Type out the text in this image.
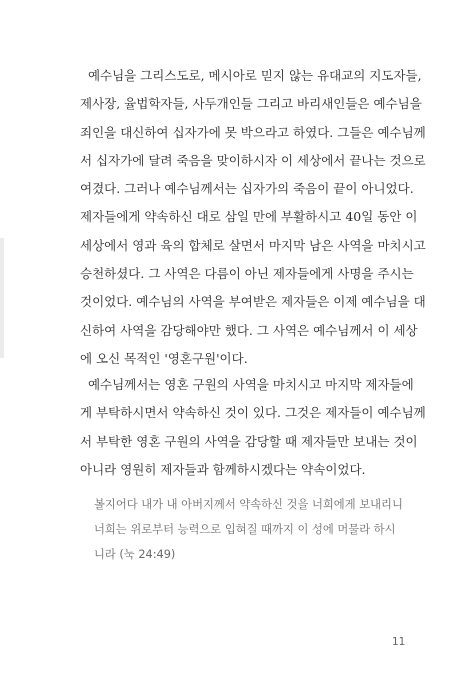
예수님을 그리스도로, 메시아로 믿지 않는 유대교의 지도자들,
제사장, 율법학자들, 사두개인들 그리고 바리새인들은 예수님을
죄인을 대신하여 십자가에 못 박으라고 하였다. 그들은 예수님께
서 십자가에 달려 죽음을 맞이하시자 이 세상에서 끝나는 것으로
여겼다. 그러나 예수님께서는 십자가의 죽음이 끝이 아니었다.
제자들에게 약속하신 대로 삼일 만에 부활하시고 40일 동안 이
세상에서 영과 육의 합체로 살면서 마지막 남은 사역을 마치시고
승천하셨다. 그 사역은 다름이 아닌 제자들에게 사명을 주시는
것이었다. 예수님의 사역을 부여받은 제자들은 이제 예수님을 대
신하여 사역을 감당해야만 했다. 그 사역은 예수님께서 이 세상
에 오신 목적인 '영혼구원'이다.
예수님께서는 영혼 구원의 사역을 마치시고 마지막 제자들에
게 부탁하시면서 약속하신 것이 있다. 그것은 제자들이 예수님께
서 부탁한 영혼 구원의 사역을 감당할 때 제자들만 보내는 것이
아니라 영원히 제자들과 함께하시겠다는 약속이었다.
볼지어다 내가 내 아버지께서 약속하신 것을 너희에게 보내리니
너희는 위로부터 능력으로 입혀질 때까지 이 성에 머물라 하시
니라 (눅 24:49)
11
